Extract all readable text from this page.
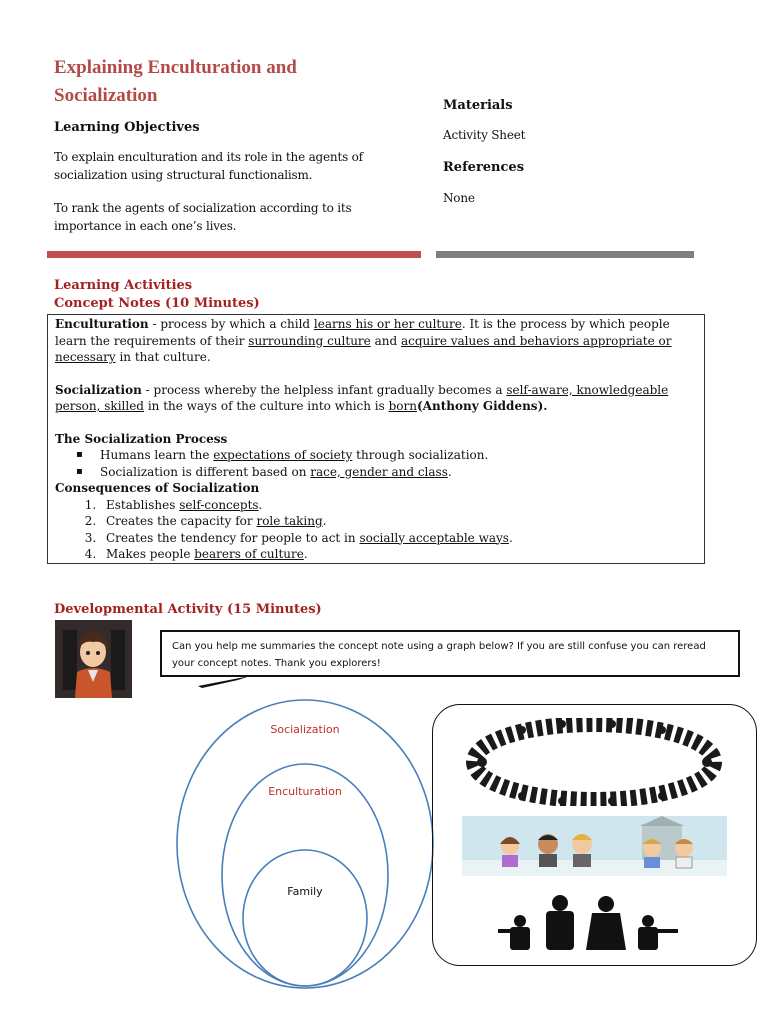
Explaining Enculturation and
Socialization
Learning Objectives

To explain enculturation and its role in the agents of socialization using structural functionalism.

To rank the agents of socialization according to its importance in each one’s lives.

Materials
Activity Sheet
References
None
Learning Activities
Concept Notes (10 Minutes)

Enculturation - process by which a child learns his or her culture. It is the process by which people learn the requirements of their surrounding culture and acquire values and behaviors appropriate or necessary in that culture.

Socialization - process whereby the helpless infant gradually becomes a self-aware, knowledgeable person, skilled in the ways of the culture into which is born(Anthony Giddens).

The Socialization Process

▪ Humans learn the expectations of society through socialization.
▪ Socialization is different based on race, gender and class.

Consequences of Socialization

1. Establishes self-concepts.
2. Creates the capacity for role taking.
3. Creates the tendency for people to act in socially acceptable ways.
4. Makes people bearers of culture.
Developmental Activity (15 Minutes)
Can you help me summaries the concept note using a graph below? If you are still confuse you can reread your concept notes. Thank you explorers!
Socialization
Enculturation
Family
